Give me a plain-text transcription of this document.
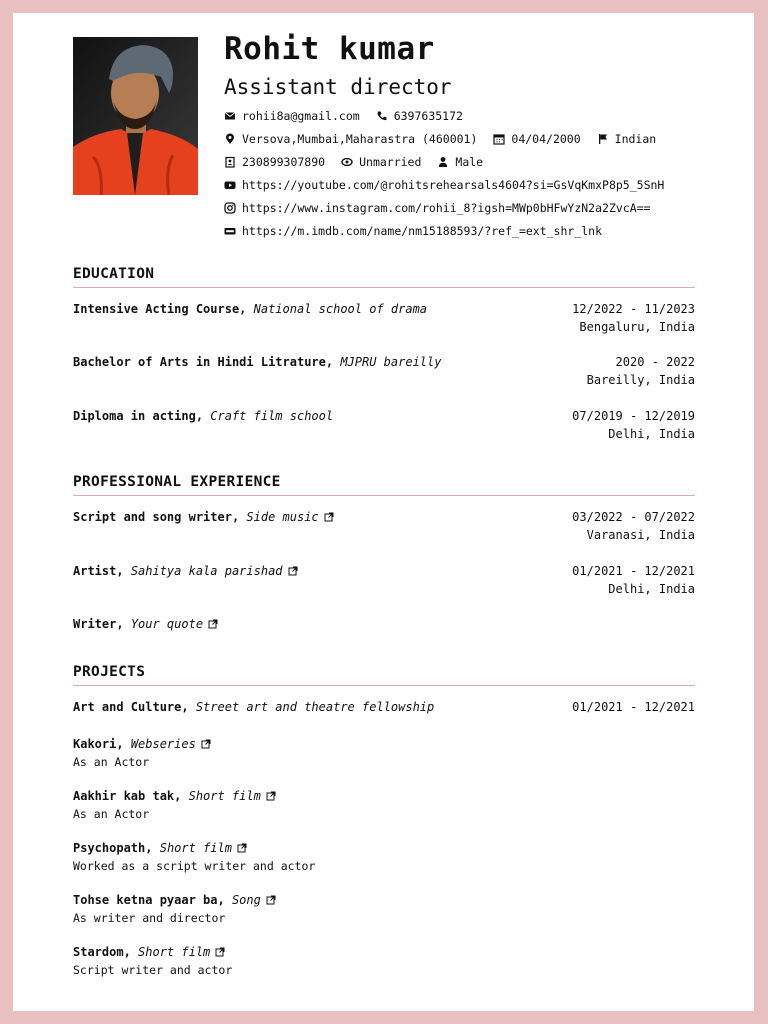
Rohit kumar
Assistant director
rohii8a@gmail.com	6397635172
Versova,Mumbai,Maharastra (460001)	04/04/2000	Indian
230899307890	Unmarried	Male
https://youtube.com/@rohitsrehearsals4604?si=GsVqKmxP8p5_5SnH
https://www.instagram.com/rohii_8?igsh=MWp0bHFwYzN2a2ZvcA==
https://m.imdb.com/name/nm15188593/?ref_=ext_shr_lnk
EDUCATION
Intensive Acting Course, National school of drama	12/2022 - 11/2023
Bengaluru, India
Bachelor of Arts in Hindi Litrature, MJPRU bareilly	2020 - 2022
Bareilly, India
Diploma in acting, Craft film school	07/2019 - 12/2019
Delhi, India
PROFESSIONAL EXPERIENCE
Script and song writer, Side music	03/2022 - 07/2022
Varanasi, India
Artist, Sahitya kala parishad	01/2021 - 12/2021
Delhi, India
Writer, Your quote
PROJECTS
Art and Culture, Street art and theatre fellowship	01/2021 - 12/2021
Kakori, Webseries
As an Actor
Aakhir kab tak, Short film
As an Actor
Psychopath, Short film
Worked as a script writer and actor
Tohse ketna pyaar ba, Song
As writer and director
Stardom, Short film
Script writer and actor
